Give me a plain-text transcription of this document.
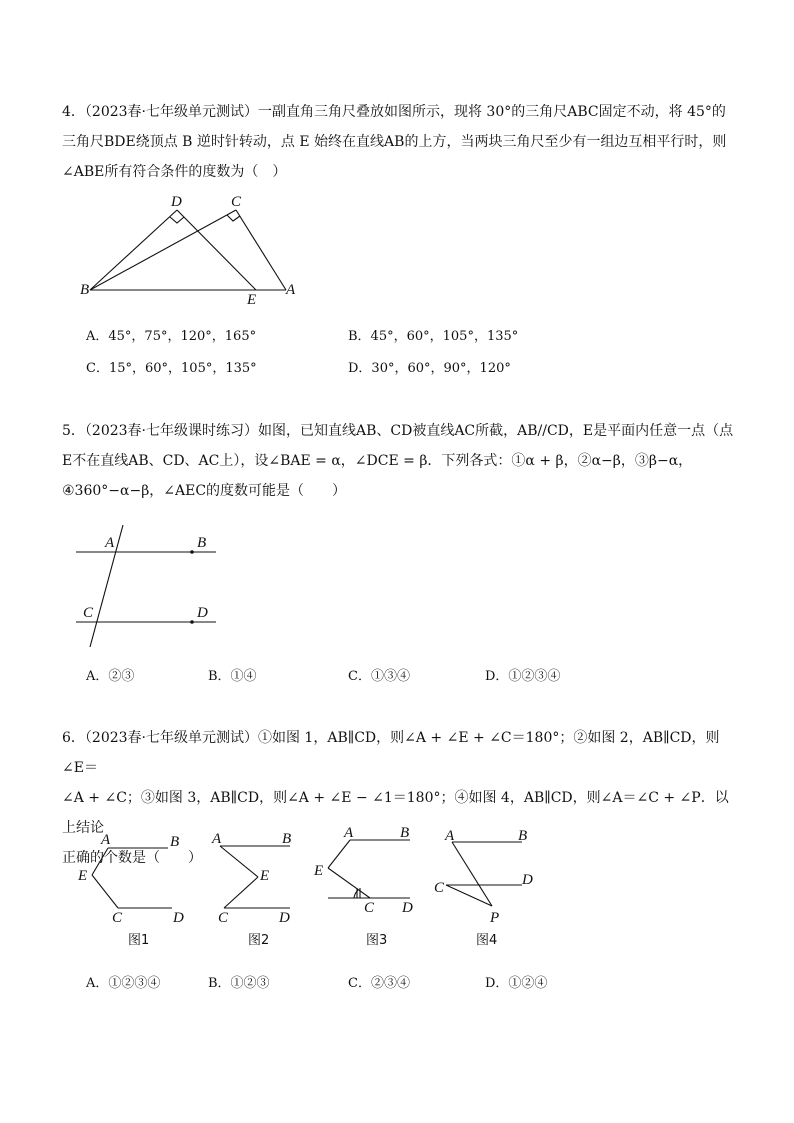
4．（2023春·七年级单元测试）一副直角三角尺叠放如图所示，现将 30°的三角尺ABC固定不动，将 45°的

三角尺BDE绕顶点 B 逆时针转动，点 E 始终在直线AB的上方，当两块三角尺至少有一组边互相平行时，则

∠ABE所有符合条件的度数为（　）

D	C
B
E
A
A．45°，75°，120°，165°	B．45°，60°，105°，135°
C．15°，60°，105°，135°	D．30°，60°，90°，120°

5．（2023春·七年级课时练习）如图，已知直线AB、CD被直线AC所截，AB//CD，E是平面内任意一点（点

E不在直线AB、CD、AC上），设∠BAE = α，∠DCE = β．下列各式：①α + β，②α−β，③β−α，

④360°−α−β，∠AEC的度数可能是（　　）

A	B
C	D
A．②③	B．①④	C．①③④	D．①②③④

6．（2023春·七年级单元测试）①如图 1，AB∥CD，则∠A + ∠E + ∠C＝180°；②如图 2，AB∥CD，则∠E＝

∠A + ∠C；③如图 3，AB∥CD，则∠A + ∠E − ∠1＝180°；④如图 4，AB∥CD，则∠A＝∠C + ∠P．以上结论

正确的个数是（　　）

A	B
E
C	D
图1
A	B
E
C	D
图2
A	B
E
C D
图3
A	B
C	D
P
图4
A．①②③④	B．①②③	C．②③④	D．①②④
